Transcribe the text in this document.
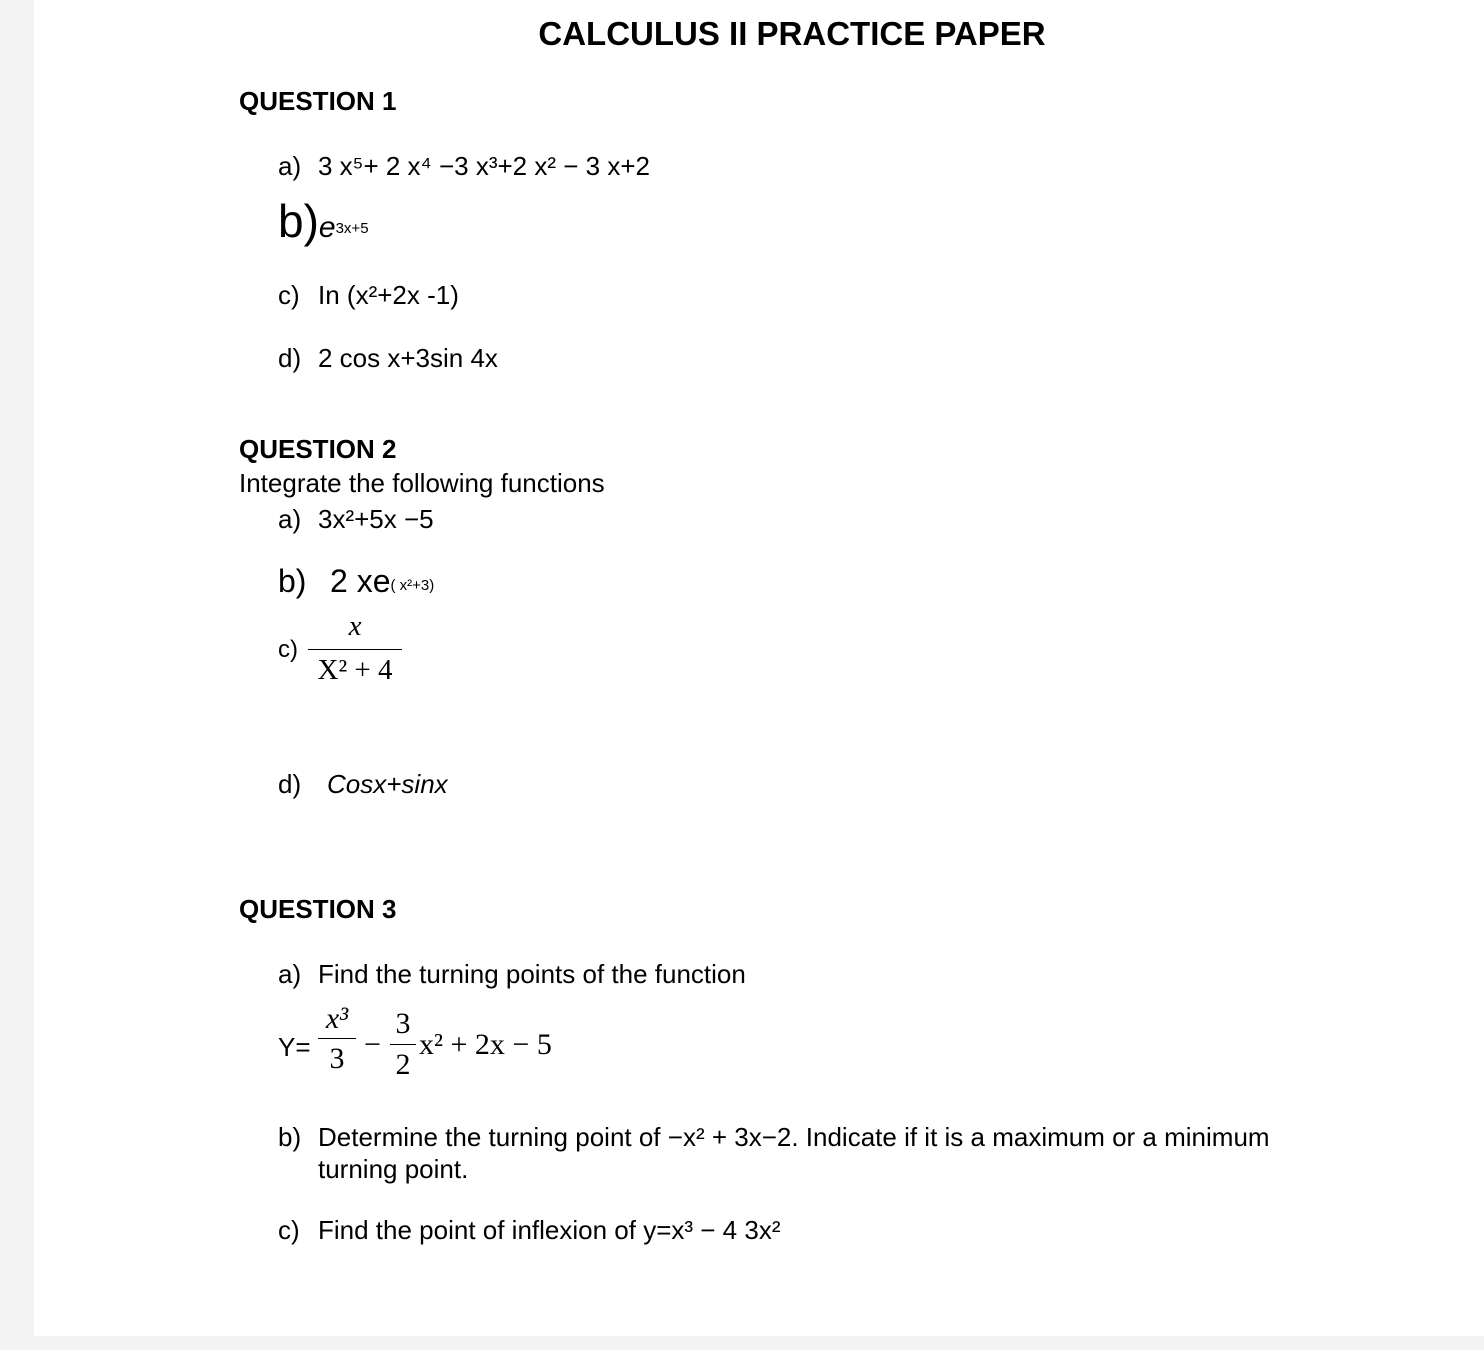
CALCULUS II PRACTICE PAPER
QUESTION 1
a) 3 x⁵+ 2 x⁴ −3 x³+2 x² − 3 x+2
b)e3x+5
c) In (x²+2x -1)
d) 2 cos x+3sin 4x
QUESTION 2
Integrate the following functions
a) 3x²+5x −5
b) 2 xe( x²+3)
c)
x
X² + 4
d) Cosx+sinx
QUESTION 3
a) Find the turning points of the function
Y=
x³
3 −
3
2
x² + 2x − 5
b) Determine the turning point of −x² + 3x−2. Indicate if it is a maximum or a minimum
turning point.
c) Find the point of inflexion of y=x³ − 4 3x²
